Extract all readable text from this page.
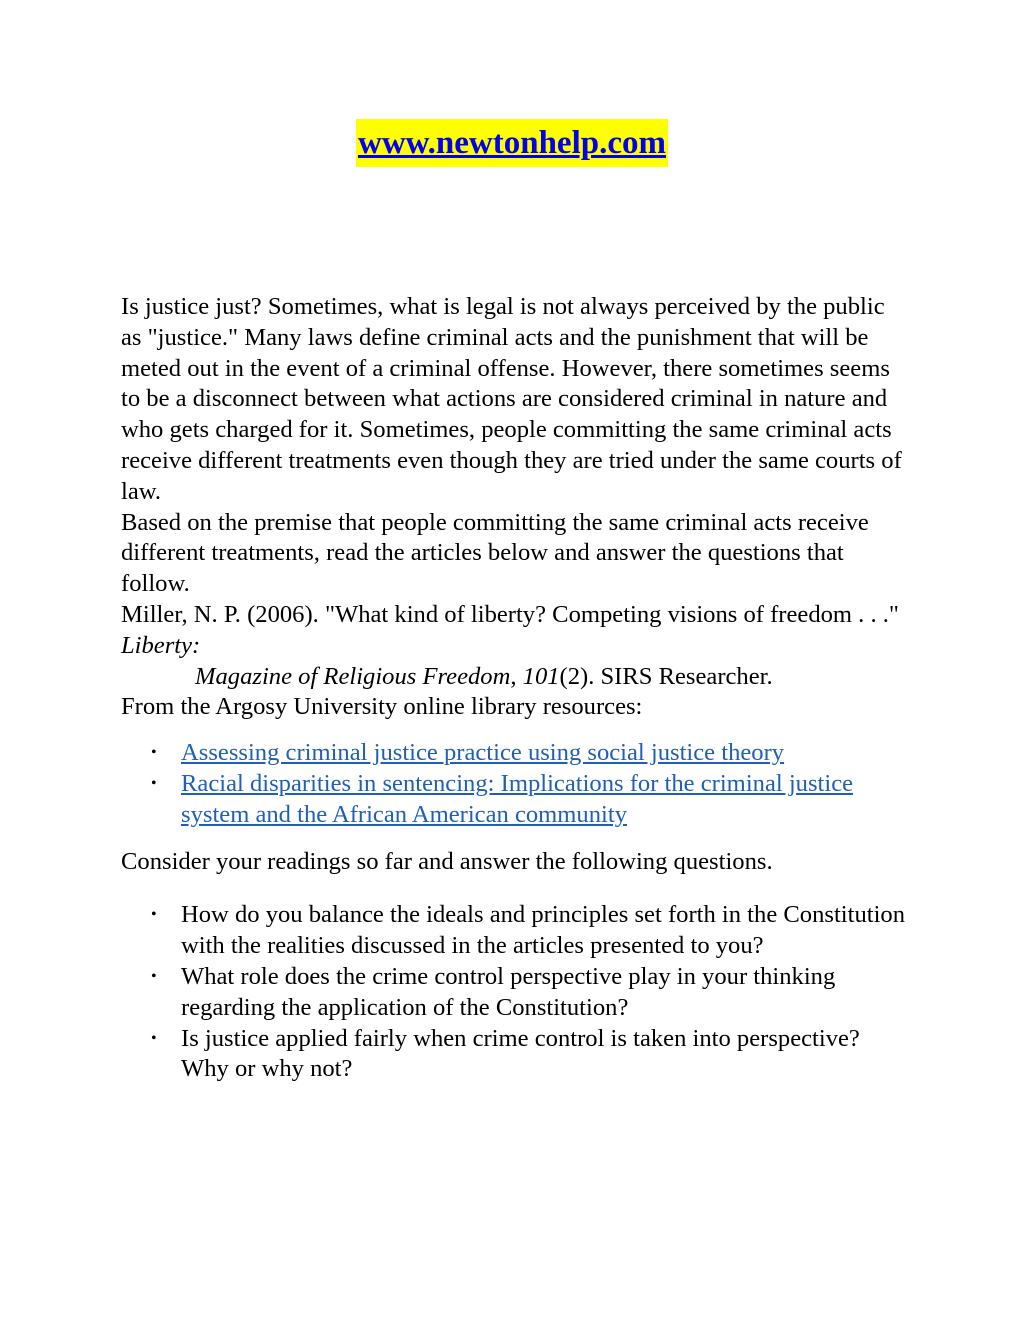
www.newtonhelp.com

Is justice just? Sometimes, what is legal is not always perceived by the public as "justice." Many laws define criminal acts and the punishment that will be meted out in the event of a criminal offense. However, there sometimes seems to be a disconnect between what actions are considered criminal in nature and who gets charged for it. Sometimes, people committing the same criminal acts receive different treatments even though they are tried under the same courts of law.

Based on the premise that people committing the same criminal acts receive different treatments, read the articles below and answer the questions that follow.

Miller, N. P. (2006). "What kind of liberty? Competing visions of freedom . . ." Liberty:

Magazine of Religious Freedom, 101(2). SIRS Researcher.

From the Argosy University online library resources:

• Assessing criminal justice practice using social justice theory
• Racial disparities in sentencing: Implications for the criminal justice system and the African American community

Consider your readings so far and answer the following questions.

• How do you balance the ideals and principles set forth in the Constitution with the realities discussed in the articles presented to you?
• What role does the crime control perspective play in your thinking regarding the application of the Constitution?
• Is justice applied fairly when crime control is taken into perspective? Why or why not?
